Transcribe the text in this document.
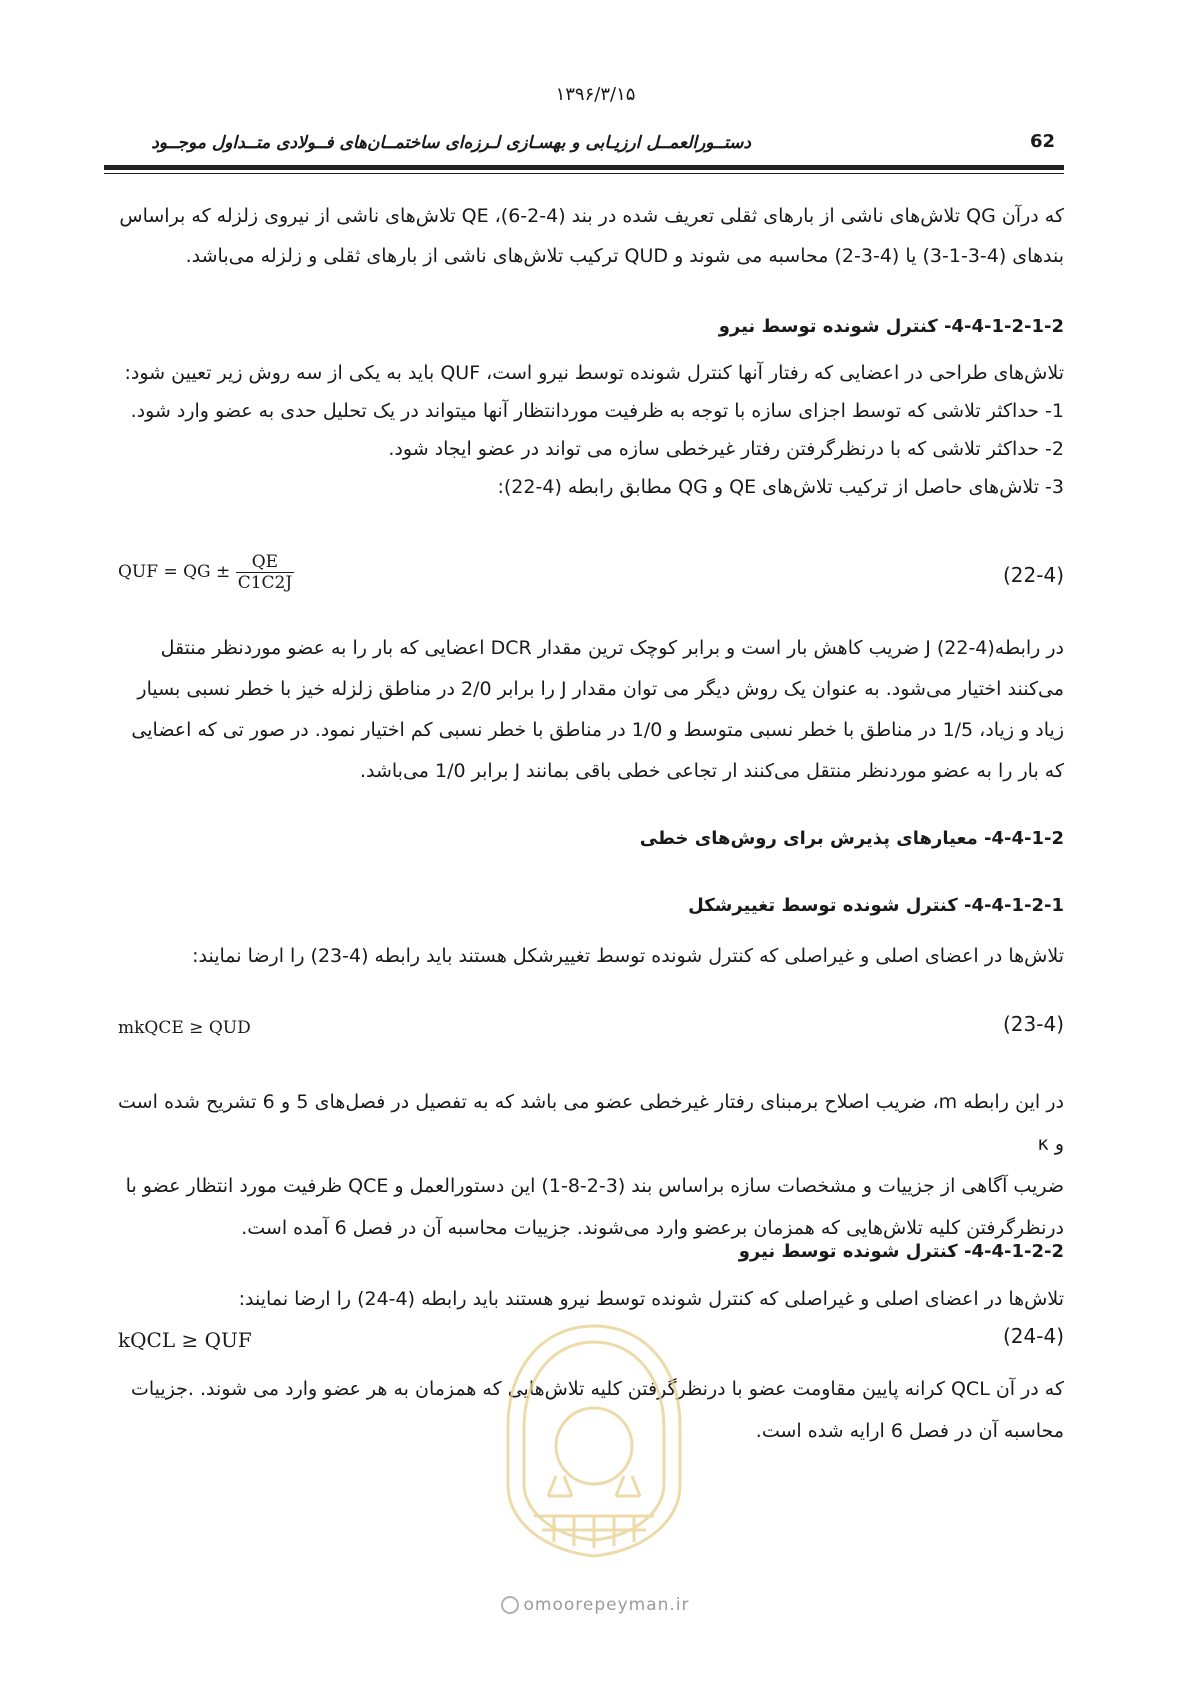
۱۳۹۶/۳/۱۵
دستــورالعمــل ارزیـابی و بهسـازی لـرزه‌ای ساختمــان‌های فــولادی متــداول موجــود	62
که درآن QG تلاش‌های ناشی از بارهای ثقلی تعریف شده در بند (4-2-6)، QE تلاش‌های ناشی از نیروی زلزله که براساس
بندهای (4-3-1-3) یا (4-3-2) محاسبه می شوند و QUD ترکیب تلاش‌های ناشی از بارهای ثقلی و زلزله می‌باشد.
4-4-1-2-1-2- کنترل شونده توسط نیرو
تلاش‌های طراحی در اعضایی که رفتار آنها کنترل شونده توسط نیرو است، QUF باید به یکی از سه روش زیر تعیین شود:
1- حداکثر تلاشی که توسط اجزای سازه با توجه به ظرفیت موردانتظار آنها میتواند در یک تحلیل حدی به عضو وارد شود.
2- حداکثر تلاشی که با درنظرگرفتن رفتار غیرخطی سازه می تواند در عضو ایجاد شود.
3- تلاش‌های حاصل از ترکیب تلاش‌های QE و QG مطابق رابطه (4-22):
QUF = QG ± $\frac{QE}{C1C2J}$	(22-4)
در رابطه(4-22) J ضریب کاهش بار است و برابر کوچک ترین مقدار DCR اعضایی که بار را به عضو موردنظر منتقل
می‌کنند اختیار می‌شود. به عنوان یک روش دیگر می توان مقدار J را برابر 2/0 در مناطق زلزله خیز با خطر نسبی بسیار
زیاد و زیاد، 1/5 در مناطق با خطر نسبی متوسط و 1/0 در مناطق با خطر نسبی کم اختیار نمود. در صور تی که اعضایی
که بار را به عضو موردنظر منتقل می‌کنند ار تجاعی خطی باقی بمانند J برابر 1/0 می‌باشد.
4-4-1-2- معیارهای پذیرش برای روش‌های خطی
4-4-1-2-1- کنترل شونده توسط تغییرشکل
تلاش‌ها در اعضای اصلی و غیراصلی که کنترل شونده توسط تغییرشکل هستند باید رابطه (4-23) را ارضا نمایند:
mkQCE ≥ QUD	(23-4)
در این رابطه m، ضریب اصلاح برمبنای رفتار غیرخطی عضو می باشد که به تفصیل در فصل‌های 5 و 6 تشریح شده است و κ
ضریب آگاهی از جزییات و مشخصات سازه براساس بند (3-2-8-1) این دستورالعمل و QCE ظرفیت مورد انتظار عضو با
درنظرگرفتن کلیه تلاش‌هایی که همزمان برعضو وارد می‌شوند. جزییات محاسبه آن در فصل 6 آمده است.
4-4-1-2-2- کنترل شونده توسط نیرو
تلاش‌ها در اعضای اصلی و غیراصلی که کنترل شونده توسط نیرو هستند باید رابطه (4-24) را ارضا نمایند:
kQCL ≥ QUF	(24-4)
که در آن QCL کرانه پایین مقاومت عضو با درنظرگرفتن کلیه تلاش‌هایی که همزمان به هر عضو وارد می شوند. .جزییات
محاسبه آن در فصل 6 ارایه شده است.
omoorepeyman.ir
